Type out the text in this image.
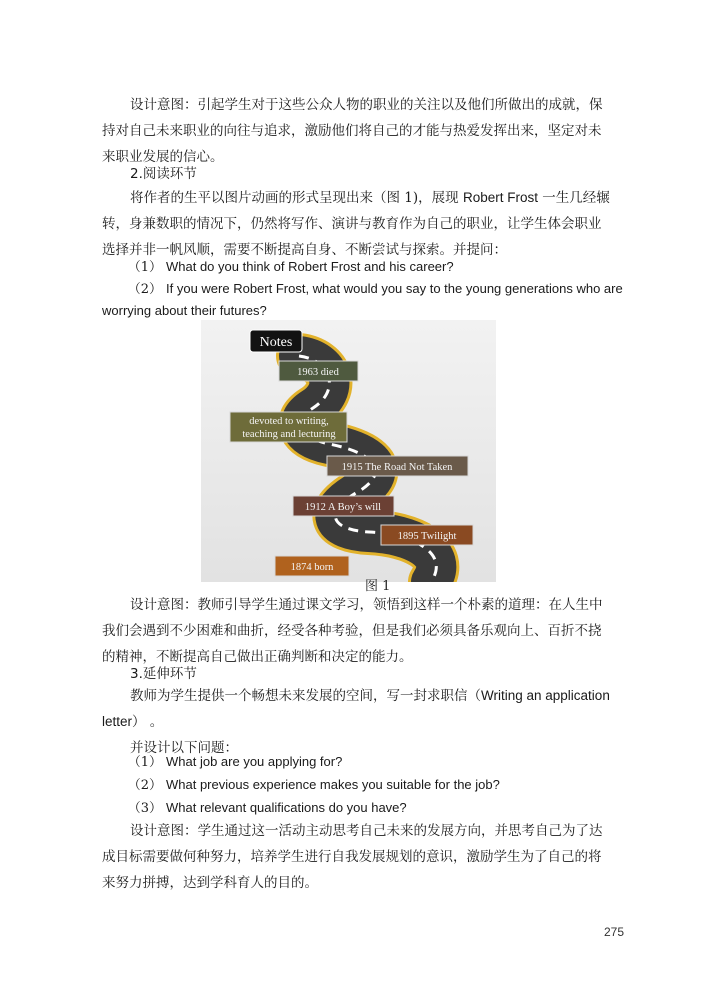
设计意图：引起学生对于这些公众人物的职业的关注以及他们所做出的成就，保
持对自己未来职业的向往与追求，激励他们将自己的才能与热爱发挥出来，坚定对未
来职业发展的信心。
2.阅读环节
将作者的生平以图片动画的形式呈现出来（图 1)，展现 Robert Frost 一生几经辗
转，身兼数职的情况下，仍然将写作、演讲与教育作为自己的职业，让学生体会职业
选择并非一帆风顺，需要不断提高自身、不断尝试与探索。并提问：
（1） What do you think of Robert Frost and his career?
（2） If you were Robert Frost, what would you say to the young generations who are
worrying about their futures?
Notes
1963 died
devoted to writing,
teaching and lecturing
1915 The Road Not Taken
1912 A Boy’s will
1895 Twilight
1874 born
图 1
设计意图：教师引导学生通过课文学习，领悟到这样一个朴素的道理：在人生中
我们会遇到不少困难和曲折，经受各种考验，但是我们必须具备乐观向上、百折不挠
的精神，不断提高自己做出正确判断和决定的能力。
3.延伸环节
教师为学生提供一个畅想未来发展的空间，写一封求职信（Writing an application
letter） 。
并设计以下问题：
（1） What job are you applying for?
（2） What previous experience makes you suitable for the job?
（3） What relevant qualifications do you have?
设计意图：学生通过这一活动主动思考自己未来的发展方向，并思考自己为了达
成目标需要做何种努力，培养学生进行自我发展规划的意识，激励学生为了自己的将
来努力拼搏，达到学科育人的目的。
275
